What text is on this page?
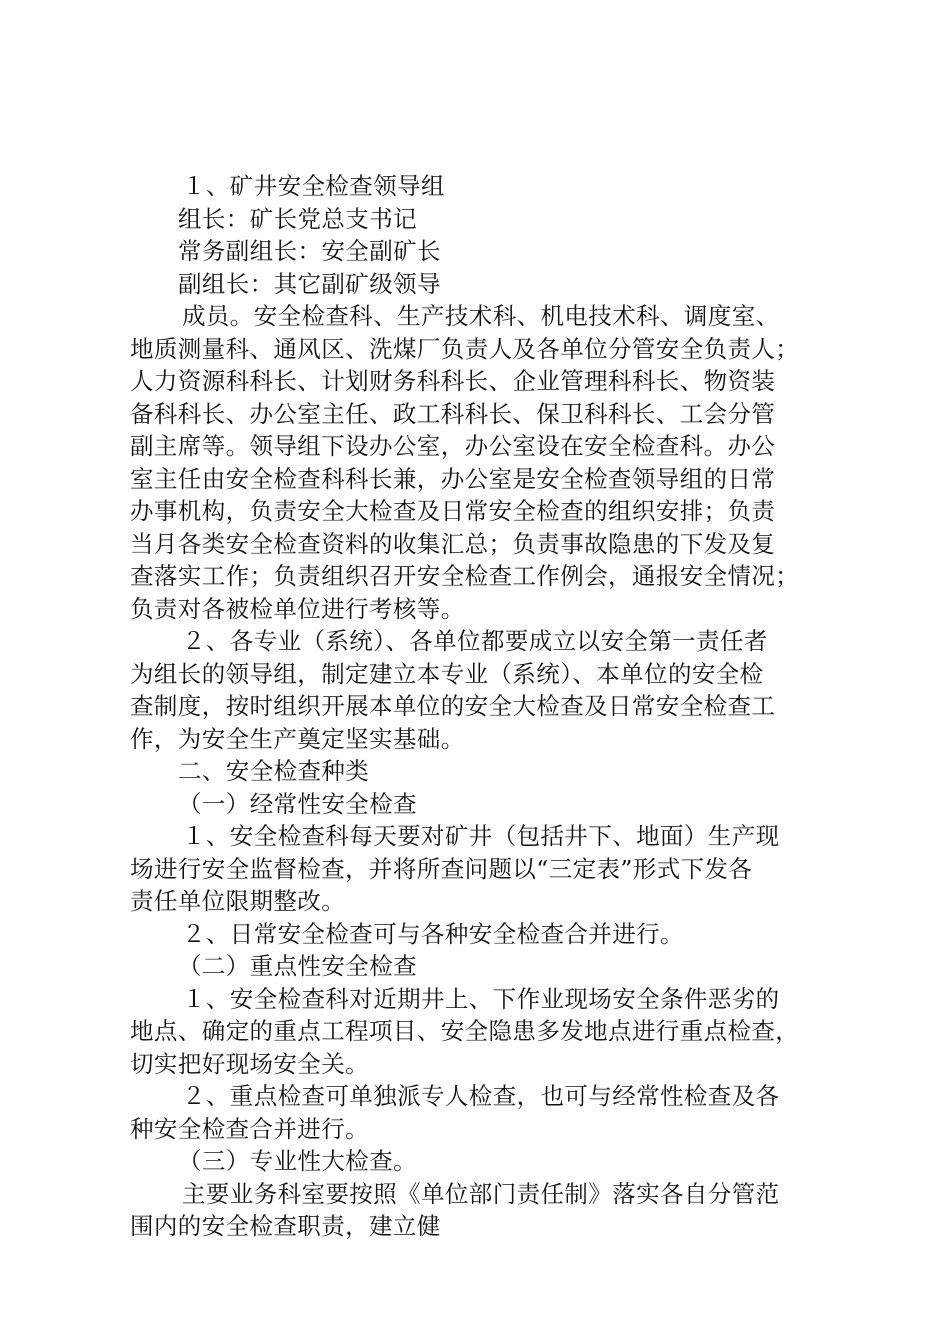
１、矿井安全检查领导组
组长：矿长党总支书记
常务副组长：安全副矿长
副组长：其它副矿级领导
成员。安全检查科、生产技术科、机电技术科、调度室、
地质测量科、通风区、洗煤厂负责人及各单位分管安全负责人；
人力资源科科长、计划财务科科长、企业管理科科长、物资装
备科科长、办公室主任、政工科科长、保卫科科长、工会分管
副主席等。领导组下设办公室，办公室设在安全检查科。办公
室主任由安全检查科科长兼，办公室是安全检查领导组的日常
办事机构，负责安全大检查及日常安全检查的组织安排；负责
当月各类安全检查资料的收集汇总；负责事故隐患的下发及复
查落实工作；负责组织召开安全检查工作例会，通报安全情况；
负责对各被检单位进行考核等。
２、各专业（系统）、各单位都要成立以安全第一责任者
为组长的领导组，制定建立本专业（系统）、本单位的安全检
查制度，按时组织开展本单位的安全大检查及日常安全检查工
作，为安全生产奠定坚实基础。
二、安全检查种类
（一）经常性安全检查
１、安全检查科每天要对矿井（包括井下、地面）生产现
场进行安全监督检查，并将所查问题以“三定表”形式下发各
责任单位限期整改。
２、日常安全检查可与各种安全检查合并进行。
（二）重点性安全检查
１、安全检查科对近期井上、下作业现场安全条件恶劣的
地点、确定的重点工程项目、安全隐患多发地点进行重点检查，
切实把好现场安全关。
２、重点检查可单独派专人检查，也可与经常性检查及各
种安全检查合并进行。
（三）专业性大检查。
主要业务科室要按照《单位部门责任制》落实各自分管范
围内的安全检查职责，建立健
